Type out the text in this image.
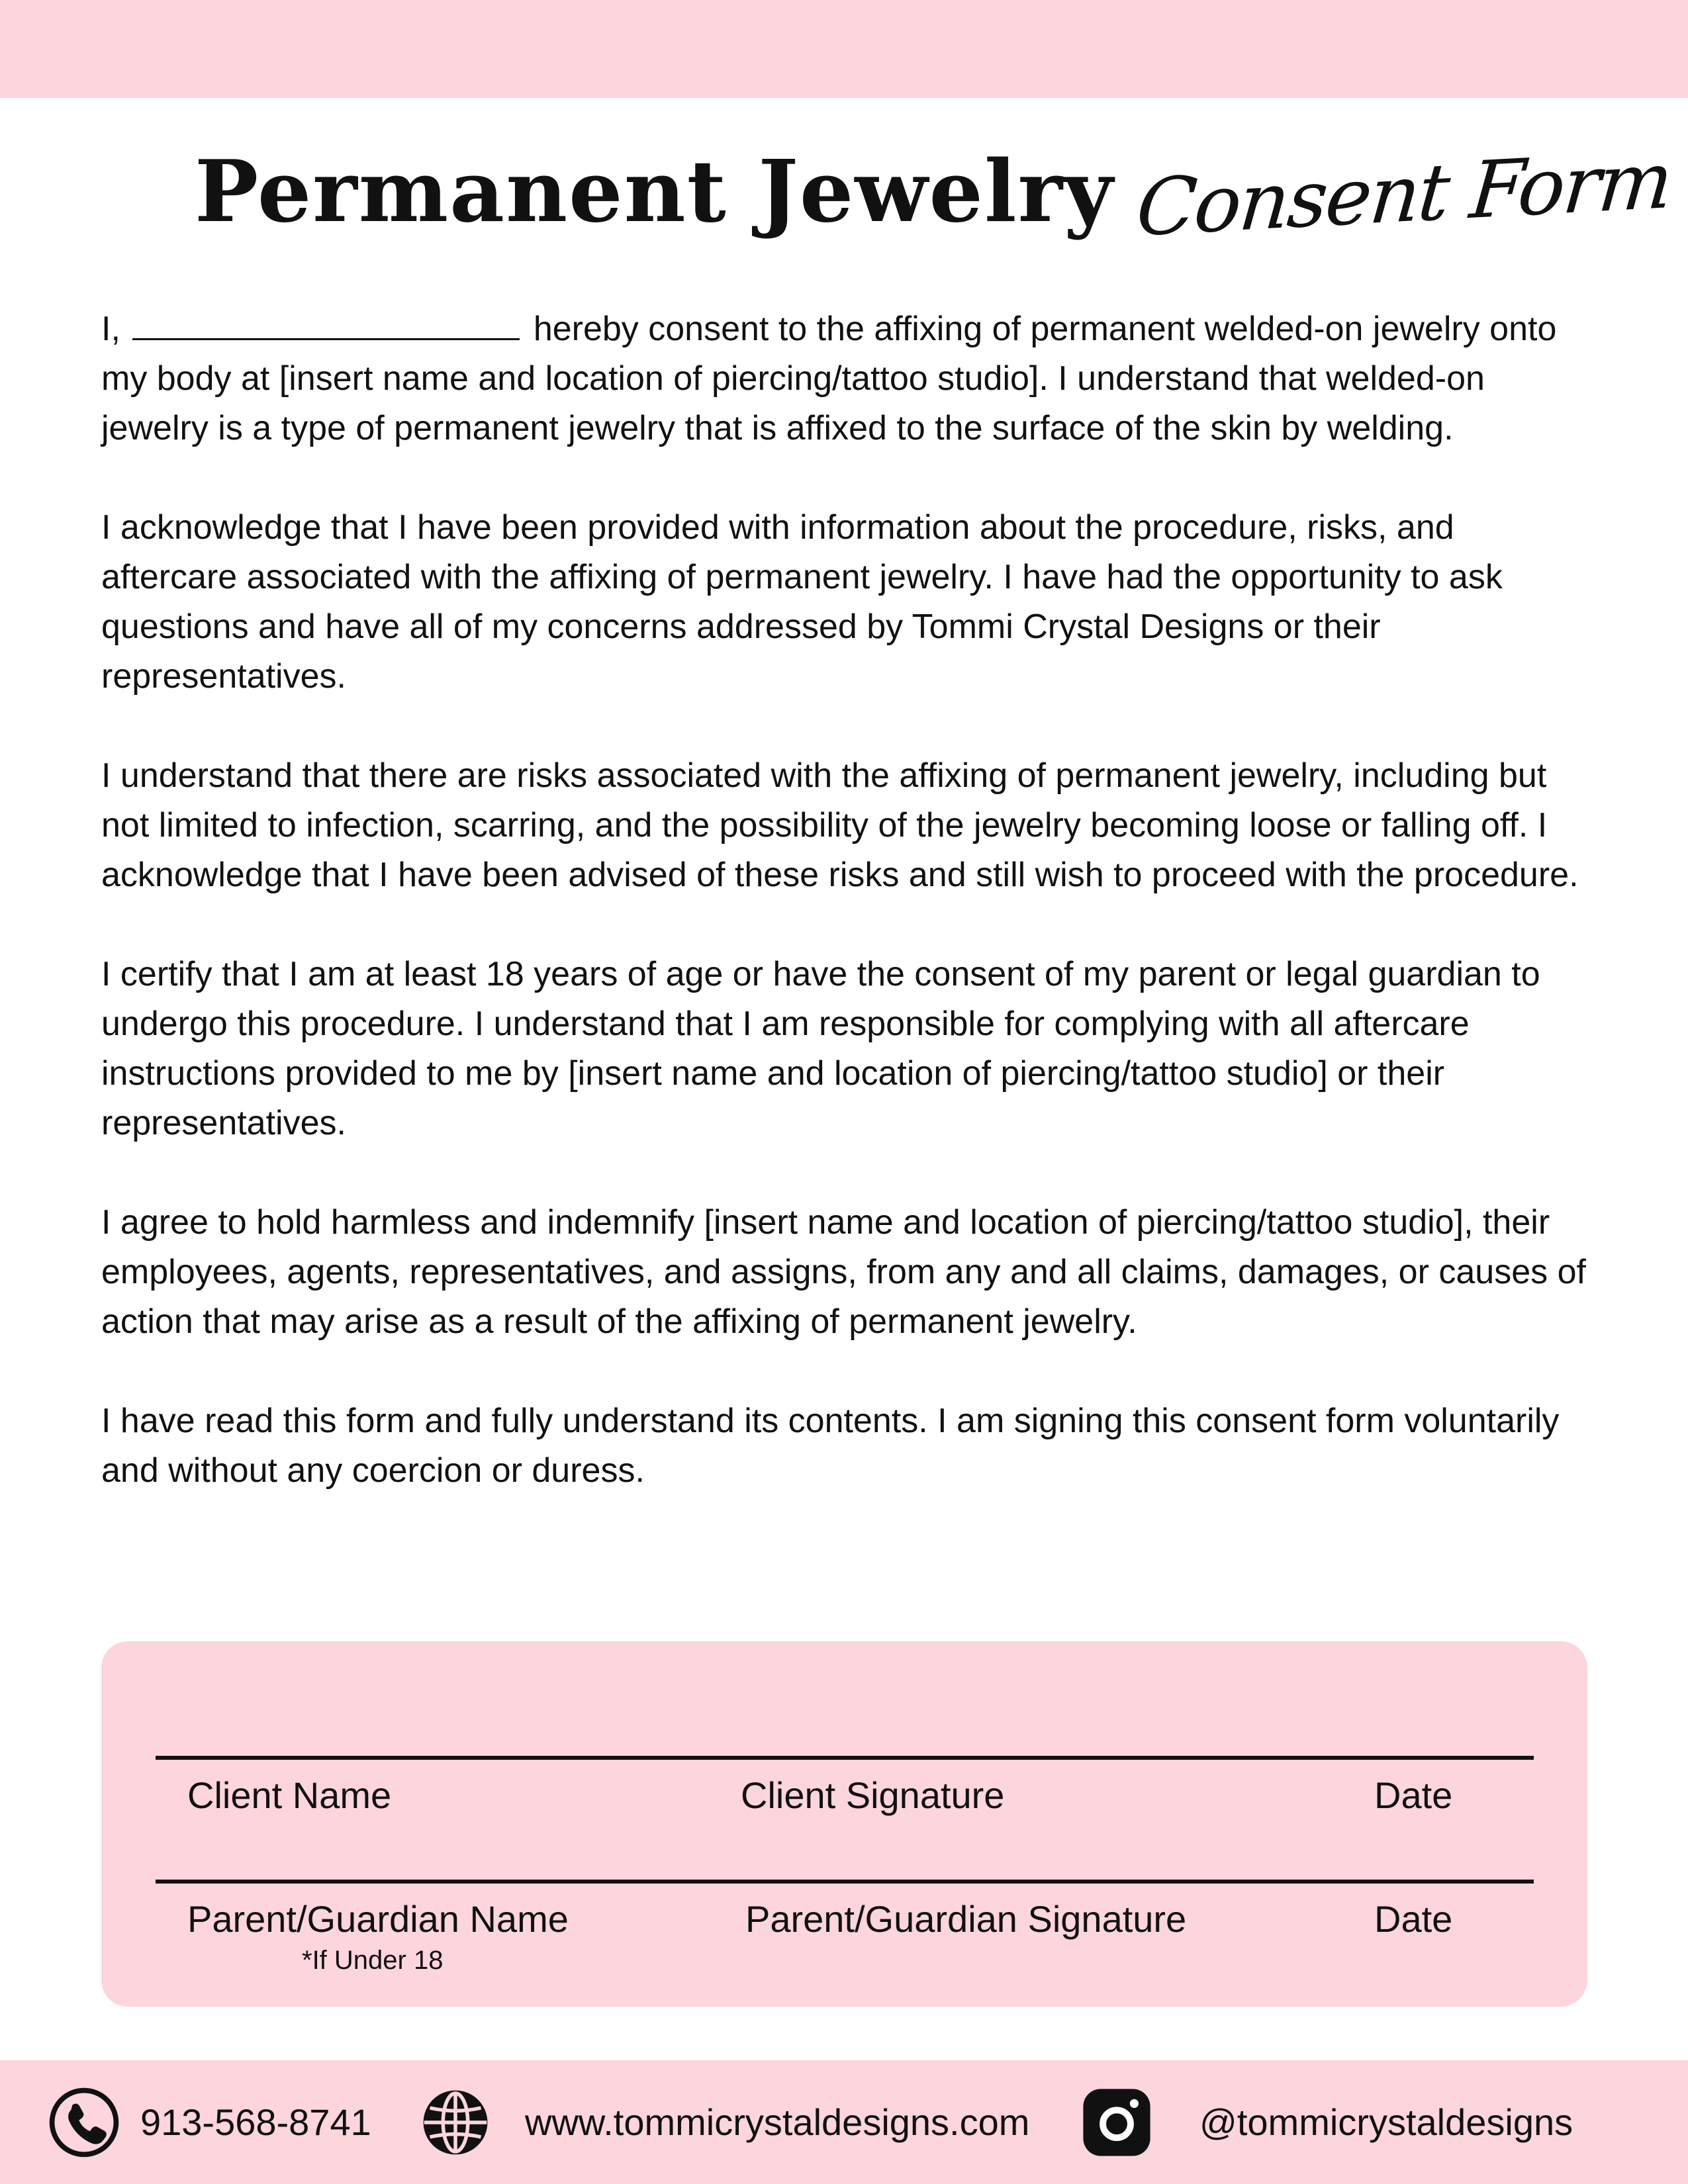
Permanent Jewelry Consent Form

I,	hereby consent to the affixing of permanent welded-on jewelry onto my body at [insert name and location of piercing/tattoo studio]. I understand that welded-on jewelry is a type of permanent jewelry that is affixed to the surface of the skin by welding.

I acknowledge that I have been provided with information about the procedure, risks, and aftercare associated with the affixing of permanent jewelry. I have had the opportunity to ask questions and have all of my concerns addressed by Tommi Crystal Designs or their representatives.

I understand that there are risks associated with the affixing of permanent jewelry, including but not limited to infection, scarring, and the possibility of the jewelry becoming loose or falling off. I acknowledge that I have been advised of these risks and still wish to proceed with the procedure.

I certify that I am at least 18 years of age or have the consent of my parent or legal guardian to undergo this procedure. I understand that I am responsible for complying with all aftercare instructions provided to me by [insert name and location of piercing/tattoo studio] or their representatives.

I agree to hold harmless and indemnify [insert name and location of piercing/tattoo studio], their employees, agents, representatives, and assigns, from any and all claims, damages, or causes of action that may arise as a result of the affixing of permanent jewelry.

I have read this form and fully understand its contents. I am signing this consent form voluntarily and without any coercion or duress.

Client Name	Client Signature	Date
Parent/Guardian Name	Parent/Guardian Signature	Date
*If Under 18
913-568-8741	www.tommicrystaldesigns.com	@tommicrystaldesigns
